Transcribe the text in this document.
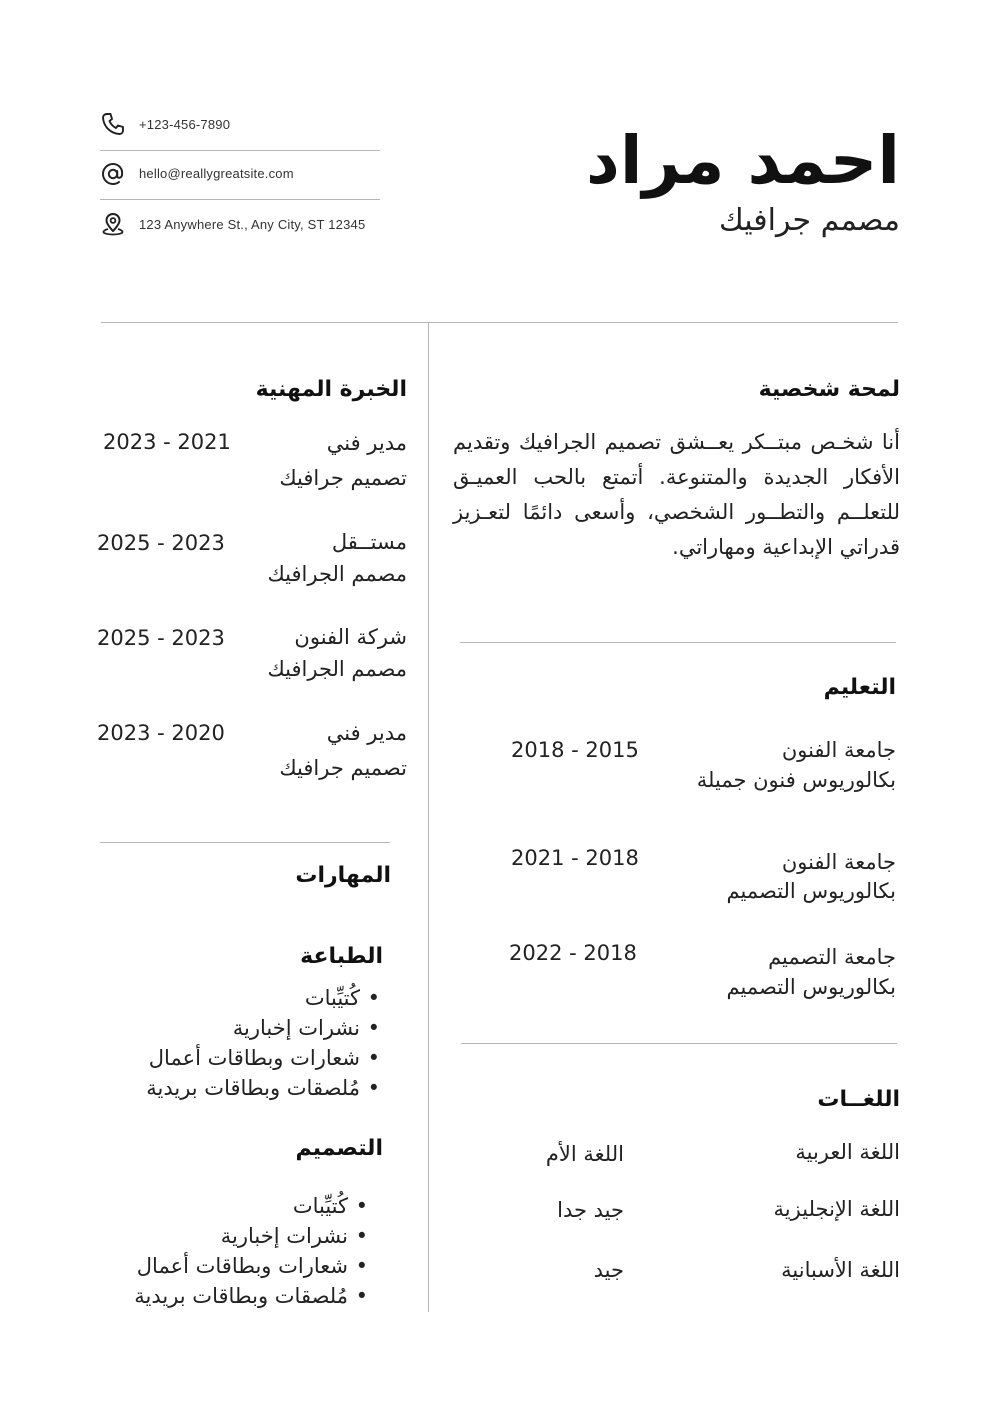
+123-456-7890
hello@reallygreatsite.com
123 Anywhere St., Any City, ST 12345
احمد مراد
مصمم جرافيك
لمحة شخصية
أنا شخـص مبتــكر يعــشق تصميم الجرافيك وتقديم الأفكار الجديدة والمتنوعة. أتمتع بالحب العميـق للتعلــم والتطــور الشخصي، وأسعى دائمًا لتعـزيز قدراتي الإبداعية ومهاراتي.
التعليم
جامعة الفنون
بكالوريوس فنون جميلة
2018 - 2015
جامعة الفنون
بكالوريوس التصميم
2021 - 2018
جامعة التصميم
بكالوريوس التصميم
2022 - 2018
اللغــات
اللغة العربية
اللغة الأم
اللغة الإنجليزية
جيد جدا
اللغة الأسبانية
جيد
الخبرة المهنية
مدير فني
تصميم جرافيك
2023 - 2021
مستــقل
مصمم الجرافيك
2025 - 2023
شركة الفنون
مصمم الجرافيك
2025 - 2023
مدير فني
تصميم جرافيك
2023 - 2020
المهارات
الطباعة
• كُتيِّبات
• نشرات إخبارية
• شعارات وبطاقات أعمال
• مُلصقات وبطاقات بريدية
التصميم
• كُتيِّبات
• نشرات إخبارية
• شعارات وبطاقات أعمال
• مُلصقات وبطاقات بريدية
